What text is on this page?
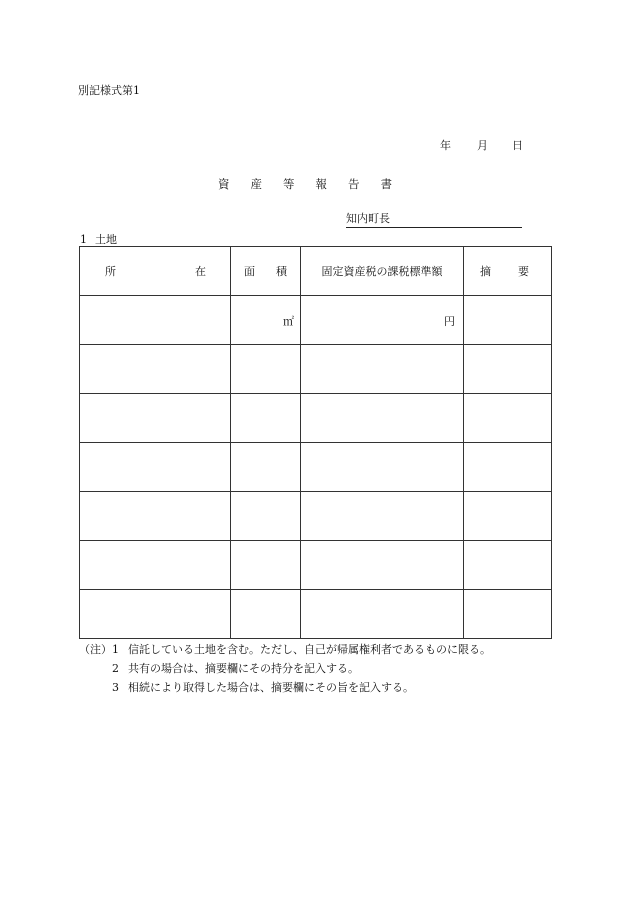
別記様式第1
年 月 日
資 産 等 報 告 書
知内町長
1 土地
所 在	面 積	固定資産税の課税標準額	摘 要

	㎡	円	

（注） 1 信託している土地を含む。ただし、自己が帰属権利者であるものに限る。
2 共有の場合は、摘要欄にその持分を記入する。
3 相続により取得した場合は、摘要欄にその旨を記入する。
